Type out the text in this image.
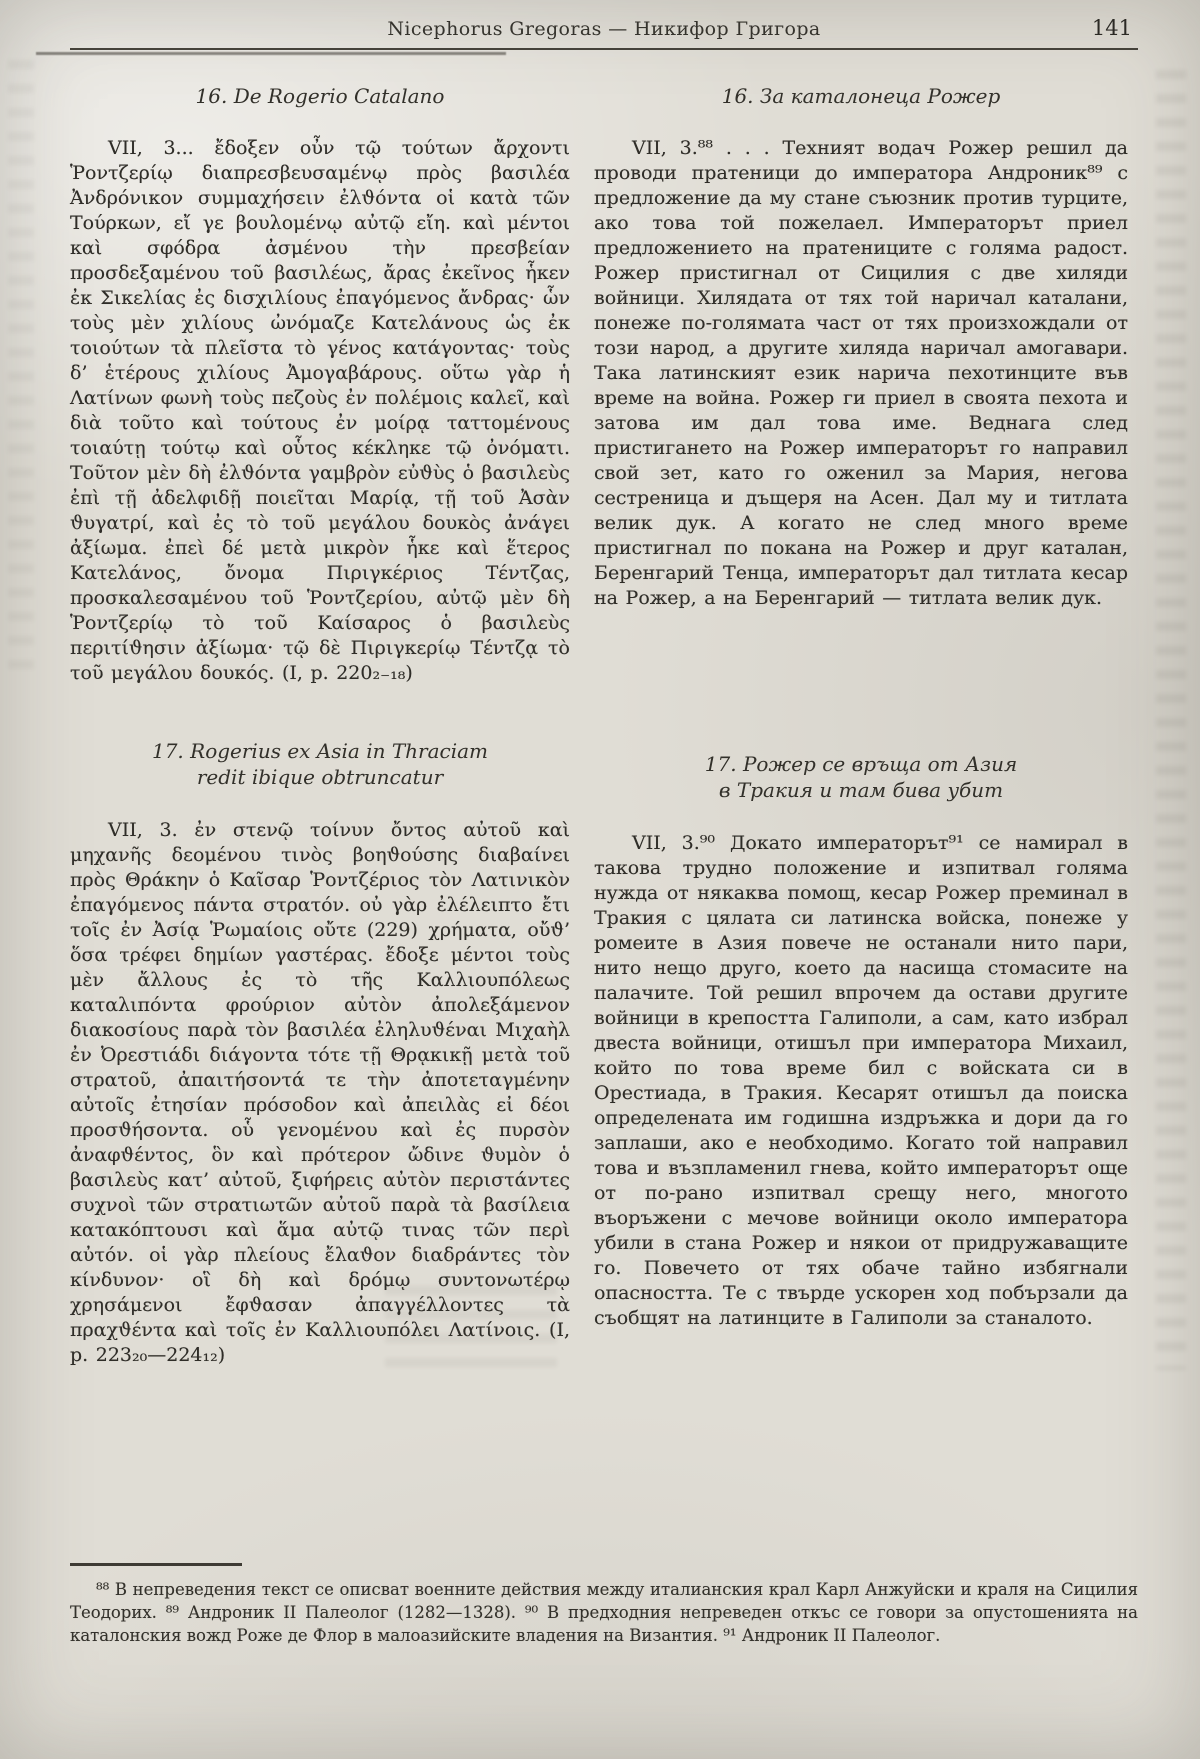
Nicephorus Gregoras — Никифор Григора	141
16. De Rogerio Catalano

VII, 3... ἔδοξεν οὖν τῷ τούτων ἄρχοντι Ῥοντζερίῳ διαπρεσβευσαμένῳ πρὸς βασιλέα Ἀνδρόνικον συμμαχήσειν ἐλϑόντα οἱ κατὰ τῶν Τούρκων, εἴ γε βουλομένῳ αὐτῷ εἴη. καὶ μέντοι καὶ σφόδρα ἀσμένου τὴν πρεσβείαν προσδεξαμένου τοῦ βασιλέως, ἄρας ἐκεῖνος ἧκεν ἐκ Σικελίας ἐς δισχιλίους ἐπαγόμενος ἄνδρας· ὧν τοὺς μὲν χιλίους ὠνόμαζε Κατελάνους ὡς ἐκ τοιούτων τὰ πλεῖστα τὸ γένος κατάγοντας· τοὺς δ’ ἑτέρους χιλίους Ἀμογαβάρους. οὕτω γὰρ ἡ Λατίνων φωνὴ τοὺς πεζοὺς ἐν πολέμοις καλεῖ, καὶ διὰ τοῦτο καὶ τούτους ἐν μοίρᾳ ταττομένους τοιαύτῃ τούτῳ καὶ οὗτος κέκληκε τῷ ὀνόματι. Τοῦτον μὲν δὴ ἐλϑόντα γαμβρὸν εὐϑὺς ὁ βασιλεὺς ἐπὶ τῇ ἀδελφιδῇ ποιεῖται Μαρίᾳ, τῇ τοῦ Ἀσὰν ϑυγατρί, καὶ ἐς τὸ τοῦ μεγάλου δουκὸς ἀνάγει ἀξίωμα. ἐπεὶ δέ μετὰ μικρὸν ἧκε καὶ ἕτερος Κατελάνος, ὄνομα Πιριγκέριος Τέντζας, προσκαλεσαμένου τοῦ Ῥοντζερίου, αὐτῷ μὲν δὴ Ῥοντζερίῳ τὸ τοῦ Καίσαρος ὁ βασιλεὺς περιτίϑησιν ἀξίωμα· τῷ δὲ Πιριγκερίῳ Τέντζᾳ τὸ τοῦ μεγάλου δουκός. (I, p. 220₂₋₁₈)

17. Rogerius ex Asia in Thraciam
redit ibique obtruncatur

VII, 3. ἐν στενῷ τοίνυν ὄντος αὐτοῦ καὶ μηχανῆς δεομένου τινὸς βοηϑούσης διαβαίνει πρὸς Θράκην ὁ Καῖσαρ Ῥοντζέριος τὸν Λατινικὸν ἐπαγόμενος πάντα στρατόν. οὐ γὰρ ἐλέλειπτο ἔτι τοῖς ἐν Ἀσίᾳ Ῥωμαίοις οὔτε (229) χρήματα, οὔϑ’ ὅσα τρέφει δημίων γαστέρας. ἔδοξε μέντοι τοὺς μὲν ἄλλους ἐς τὸ τῆς Καλλιουπόλεως καταλιπόντα φρούριον αὐτὸν ἀπολεξάμενον διακοσίους παρὰ τὸν βασιλέα ἐληλυϑέναι Μιχαὴλ ἐν Ὀρεστιάδι διάγοντα τότε τῇ Θρᾳκικῇ μετὰ τοῦ στρατοῦ, ἀπαιτήσοντά τε τὴν ἀποτεταγμένην αὐτοῖς ἐτησίαν πρόσοδον καὶ ἀπειλὰς εἰ δέοι προσϑήσοντα. οὗ γενομένου καὶ ἐς πυρσὸν ἀναφϑέντος, ὃν καὶ πρότερον ὤδινε ϑυμὸν ὁ βασιλεὺς κατ’ αὐτοῦ, ξιφήρεις αὐτὸν περιστάντες συχνοὶ τῶν στρατιωτῶν αὐτοῦ παρὰ τὰ βασίλεια κατακόπτουσι καὶ ἅμα αὐτῷ τινας τῶν περὶ αὐτόν. οἱ γὰρ πλείους ἔλαϑον διαδράντες τὸν κίνδυνον· οἳ δὴ καὶ δρόμῳ συντονωτέρῳ χρησάμενοι ἔφϑασαν ἀπαγγέλλοντες τὰ πραχϑέντα καὶ τοῖς ἐν Καλλιουπόλει Λατίνοις. (I, p. 223₂₀—224₁₂)

16. За каталонеца Рожер

VII, 3.⁸⁸ . . . Техният водач Рожер решил да проводи пратеници до императора Андроник⁸⁹ с предложение да му стане съюзник против турците, ако това той пожелаел. Императорът приел предложението на пратениците с голяма радост. Рожер пристигнал от Сицилия с две хиляди войници. Хилядата от тях той наричал каталани, понеже по-голямата част от тях произхождали от този народ, а другите хиляда наричал амогавари. Така латинският език нарича пехотинците във време на война. Рожер ги приел в своята пехота и затова им дал това име. Веднага след пристигането на Рожер императорът го направил свой зет, като го оженил за Мария, негова сестреница и дъщеря на Асен. Дал му и титлата велик дук. А когато не след много време пристигнал по покана на Рожер и друг каталан, Беренгарий Тенца, императорът дал титлата кесар на Рожер, а на Беренгарий — титлата велик дук.

17. Рожер се връща от Азия
в Тракия и там бива убит

VII, 3.⁹⁰ Докато императорът⁹¹ се намирал в такова трудно положение и изпитвал голяма нужда от някаква помощ, кесар Рожер преминал в Тракия с цялата си латинска войска, понеже у ромеите в Азия повече не останали нито пари, нито нещо друго, което да насища стомасите на палачите. Той решил впрочем да остави другите войници в крепостта Галиполи, а сам, като избрал двеста войници, отишъл при императора Михаил, който по това време бил с войската си в Орестиада, в Тракия. Кесарят отишъл да поиска определената им годишна издръжка и дори да го заплаши, ако е необходимо. Когато той направил това и възпламенил гнева, който императорът още от по-рано изпитвал срещу него, многото въоръжени с мечове войници около императора убили в стана Рожер и някои от придружаващите го. Повечето от тях обаче тайно избягнали опасността. Те с твърде ускорен ход побързали да съобщят на латинците в Галиполи за станалото.

⁸⁸ В непреведения текст се описват военните действия между италианския крал Карл Анжуйски и краля на Сицилия Теодорих. ⁸⁹ Андроник II Палеолог (1282—1328). ⁹⁰ В предходния непреведен откъс се говори за опустошенията на каталонския вожд Роже де Флор в малоазийските владения на Византия. ⁹¹ Андроник II Палеолог.
